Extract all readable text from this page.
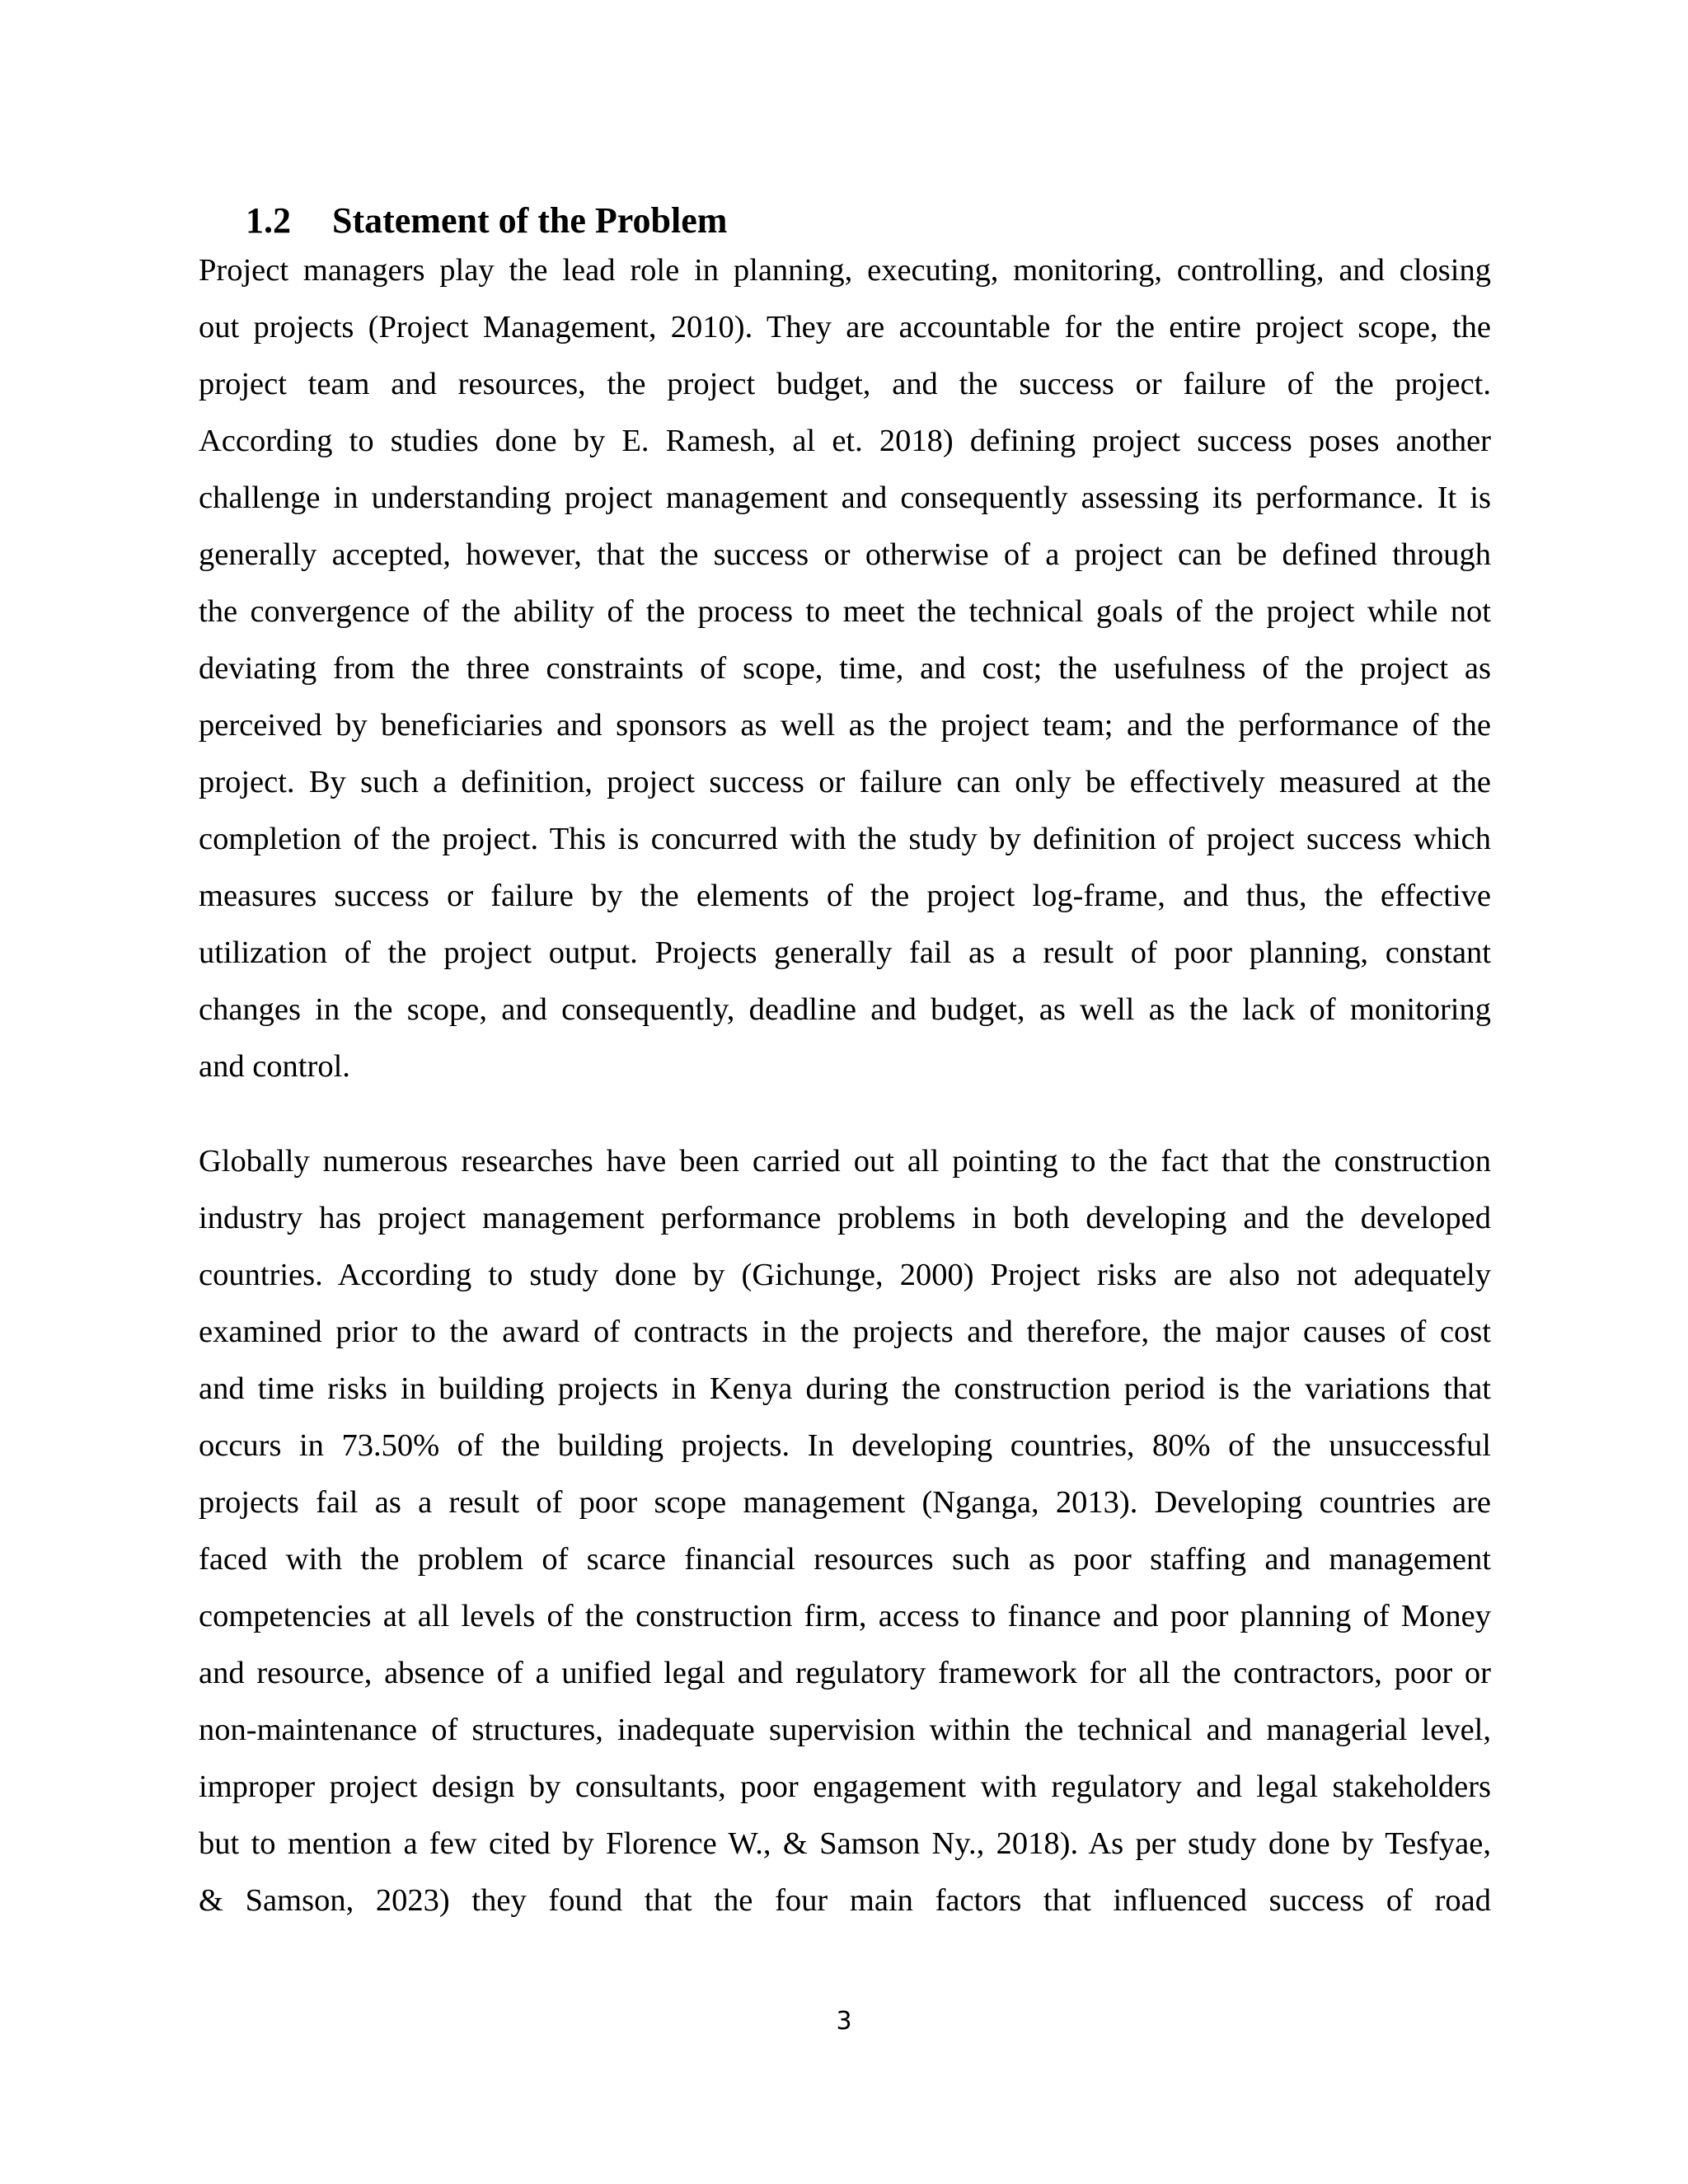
1.2 Statement of the Problem
Project managers play the lead role in planning, executing, monitoring, controlling, and closing
out projects (Project Management, 2010). They are accountable for the entire project scope, the
project team and resources, the project budget, and the success or failure of the project.
According to studies done by E. Ramesh, al et. 2018) defining project success poses another
challenge in understanding project management and consequently assessing its performance. It is
generally accepted, however, that the success or otherwise of a project can be defined through
the convergence of the ability of the process to meet the technical goals of the project while not
deviating from the three constraints of scope, time, and cost; the usefulness of the project as
perceived by beneficiaries and sponsors as well as the project team; and the performance of the
project. By such a definition, project success or failure can only be effectively measured at the
completion of the project. This is concurred with the study by definition of project success which
measures success or failure by the elements of the project log-frame, and thus, the effective
utilization of the project output. Projects generally fail as a result of poor planning, constant
changes in the scope, and consequently, deadline and budget, as well as the lack of monitoring
and control.
Globally numerous researches have been carried out all pointing to the fact that the construction
industry has project management performance problems in both developing and the developed
countries. According to study done by (Gichunge, 2000) Project risks are also not adequately
examined prior to the award of contracts in the projects and therefore, the major causes of cost
and time risks in building projects in Kenya during the construction period is the variations that
occurs in 73.50% of the building projects. In developing countries, 80% of the unsuccessful
projects fail as a result of poor scope management (Nganga, 2013). Developing countries are
faced with the problem of scarce financial resources such as poor staffing and management
competencies at all levels of the construction firm, access to finance and poor planning of Money
and resource, absence of a unified legal and regulatory framework for all the contractors, poor or
non-maintenance of structures, inadequate supervision within the technical and managerial level,
improper project design by consultants, poor engagement with regulatory and legal stakeholders
but to mention a few cited by Florence W., & Samson Ny., 2018). As per study done by Tesfyae,
& Samson, 2023) they found that the four main factors that influenced success of road
3
